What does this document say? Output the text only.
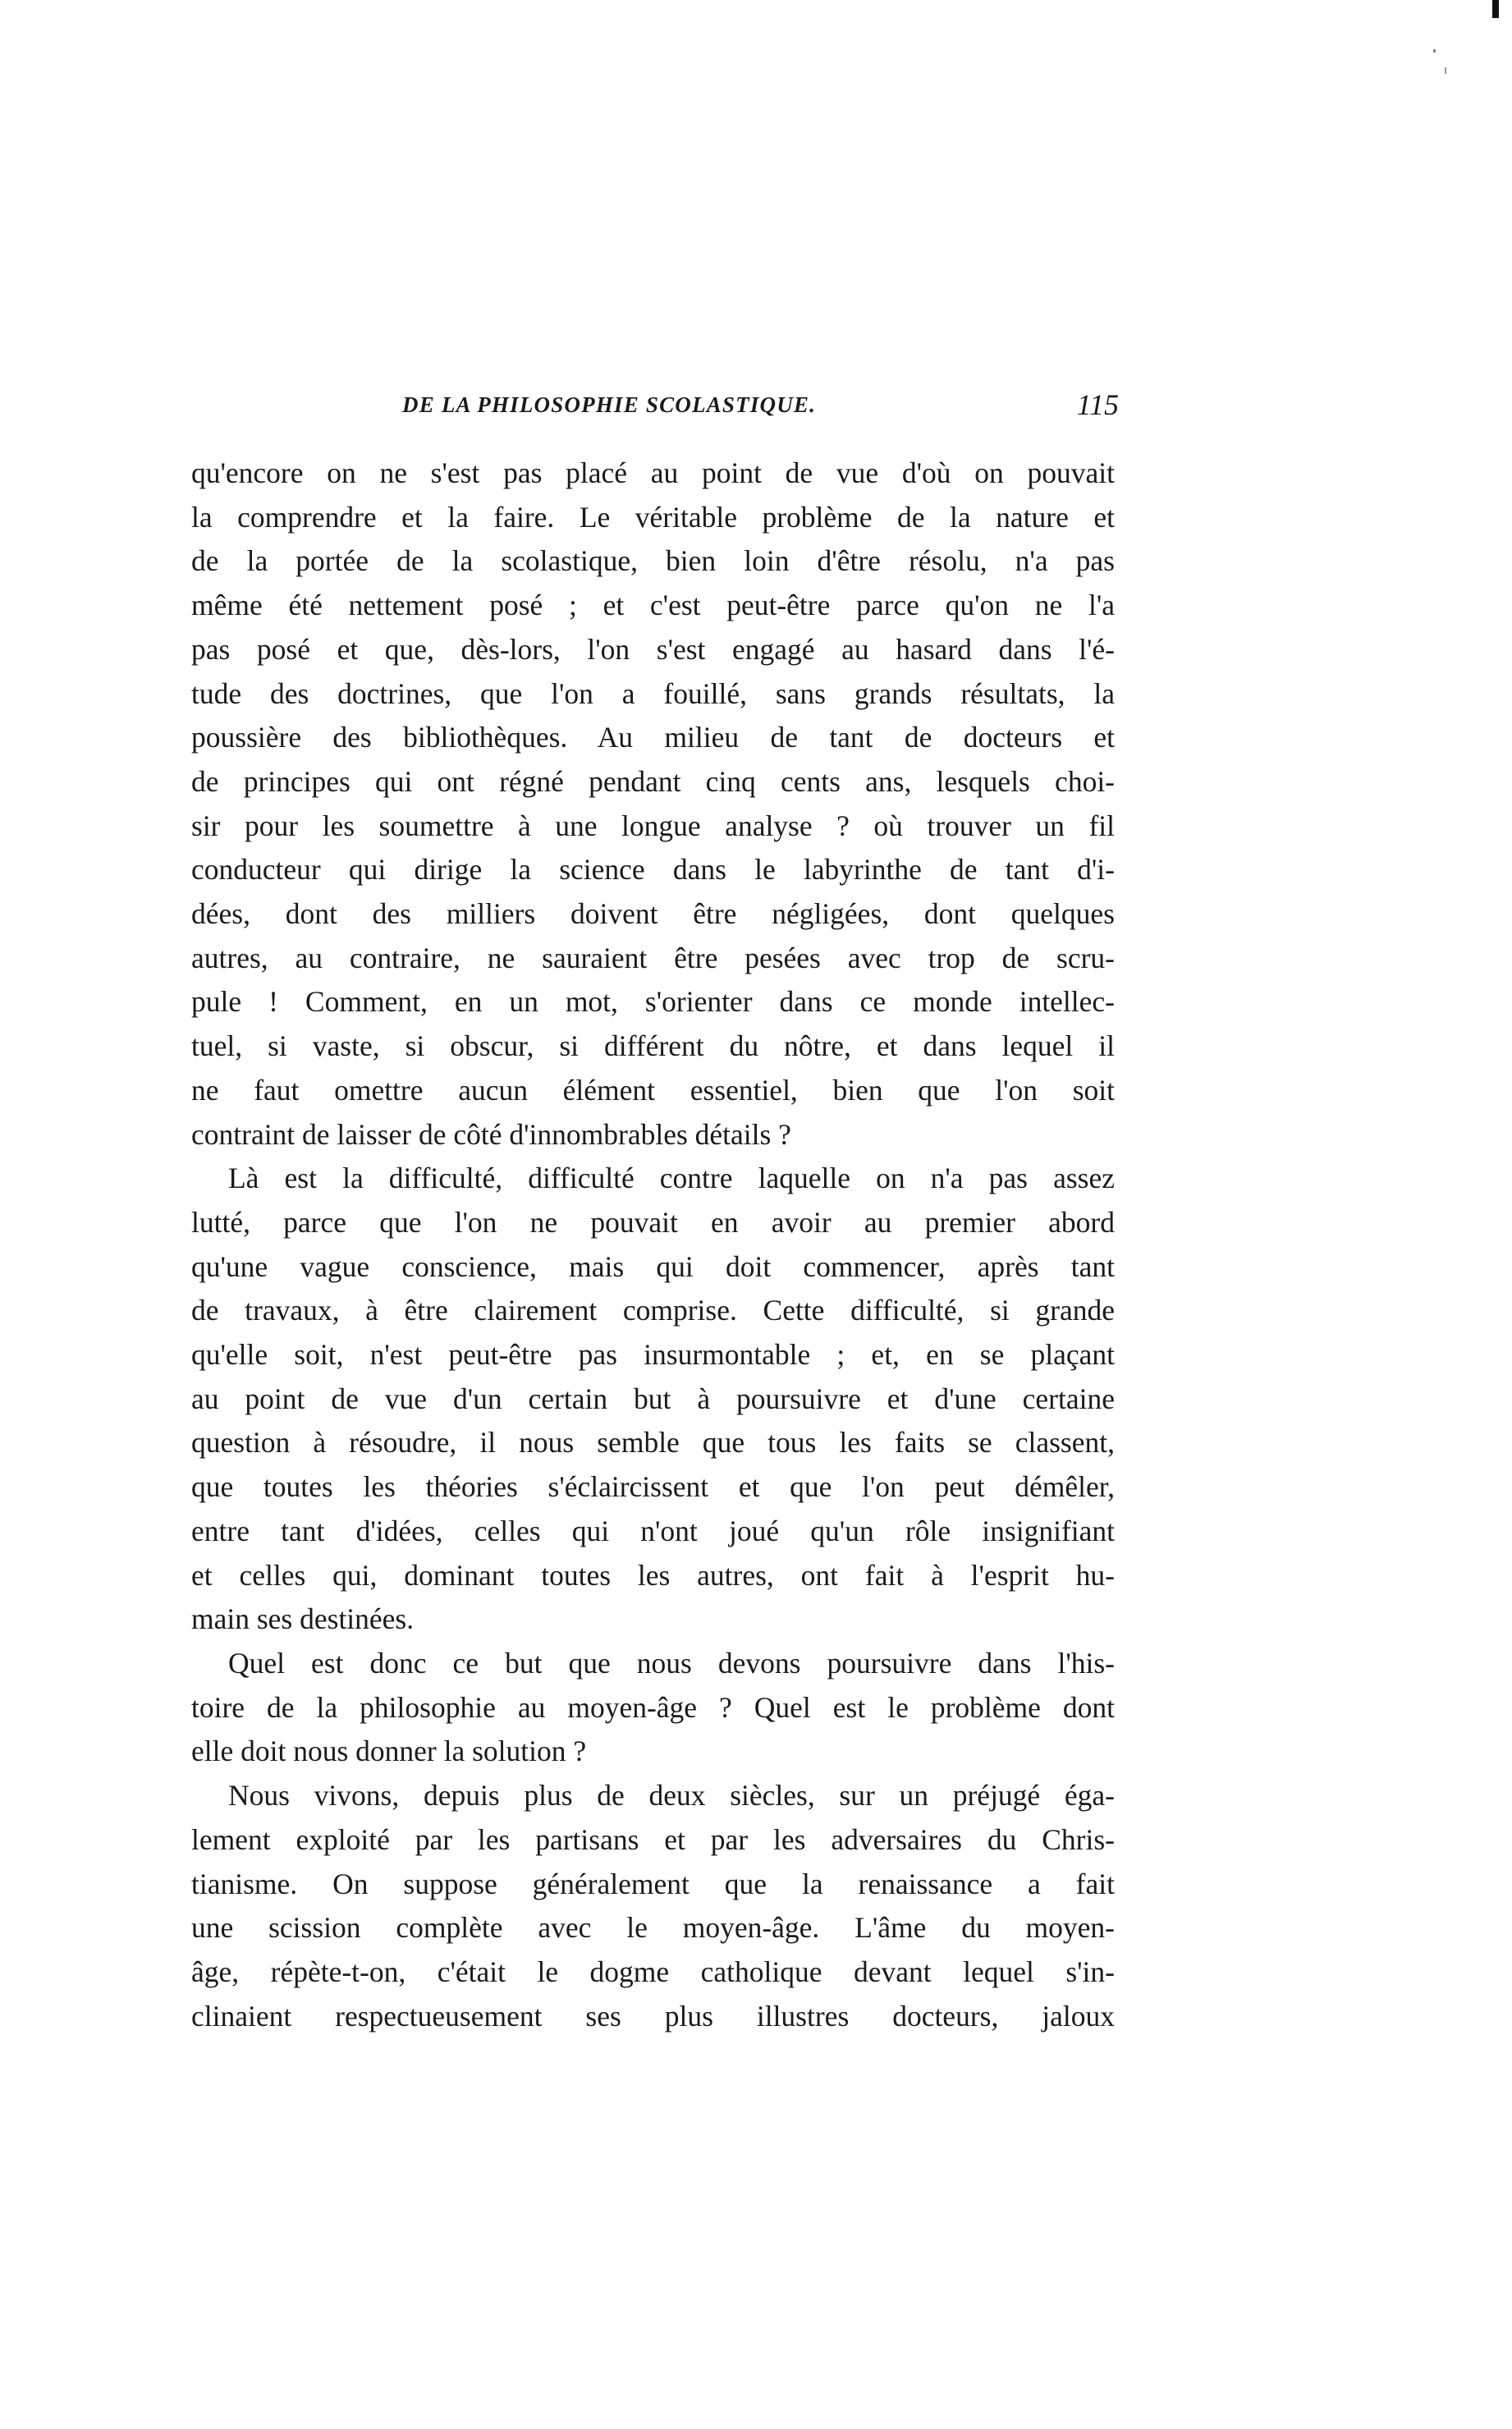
DE LA PHILOSOPHIE SCOLASTIQUE.	115
qu'encore on ne s'est pas placé au point de vue d'où on pouvait
la comprendre et la faire. Le véritable problème de la nature et
de la portée de la scolastique, bien loin d'être résolu, n'a pas
même été nettement posé ; et c'est peut-être parce qu'on ne l'a
pas posé et que, dès-lors, l'on s'est engagé au hasard dans l'é-
tude des doctrines, que l'on a fouillé, sans grands résultats, la
poussière des bibliothèques. Au milieu de tant de docteurs et
de principes qui ont régné pendant cinq cents ans, lesquels choi-
sir pour les soumettre à une longue analyse ? où trouver un fil
conducteur qui dirige la science dans le labyrinthe de tant d'i-
dées, dont des milliers doivent être négligées, dont quelques
autres, au contraire, ne sauraient être pesées avec trop de scru-
pule ! Comment, en un mot, s'orienter dans ce monde intellec-
tuel, si vaste, si obscur, si différent du nôtre, et dans lequel il
ne faut omettre aucun élément essentiel, bien que l'on soit
contraint de laisser de côté d'innombrables détails ?
Là est la difficulté, difficulté contre laquelle on n'a pas assez
lutté, parce que l'on ne pouvait en avoir au premier abord
qu'une vague conscience, mais qui doit commencer, après tant
de travaux, à être clairement comprise. Cette difficulté, si grande
qu'elle soit, n'est peut-être pas insurmontable ; et, en se plaçant
au point de vue d'un certain but à poursuivre et d'une certaine
question à résoudre, il nous semble que tous les faits se classent,
que toutes les théories s'éclaircissent et que l'on peut démêler,
entre tant d'idées, celles qui n'ont joué qu'un rôle insignifiant
et celles qui, dominant toutes les autres, ont fait à l'esprit hu-
main ses destinées.
Quel est donc ce but que nous devons poursuivre dans l'his-
toire de la philosophie au moyen-âge ? Quel est le problème dont
elle doit nous donner la solution ?
Nous vivons, depuis plus de deux siècles, sur un préjugé éga-
lement exploité par les partisans et par les adversaires du Chris-
tianisme. On suppose généralement que la renaissance a fait
une scission complète avec le moyen-âge. L'âme du moyen-
âge, répète-t-on, c'était le dogme catholique devant lequel s'in-
clinaient respectueusement ses plus illustres docteurs, jaloux
